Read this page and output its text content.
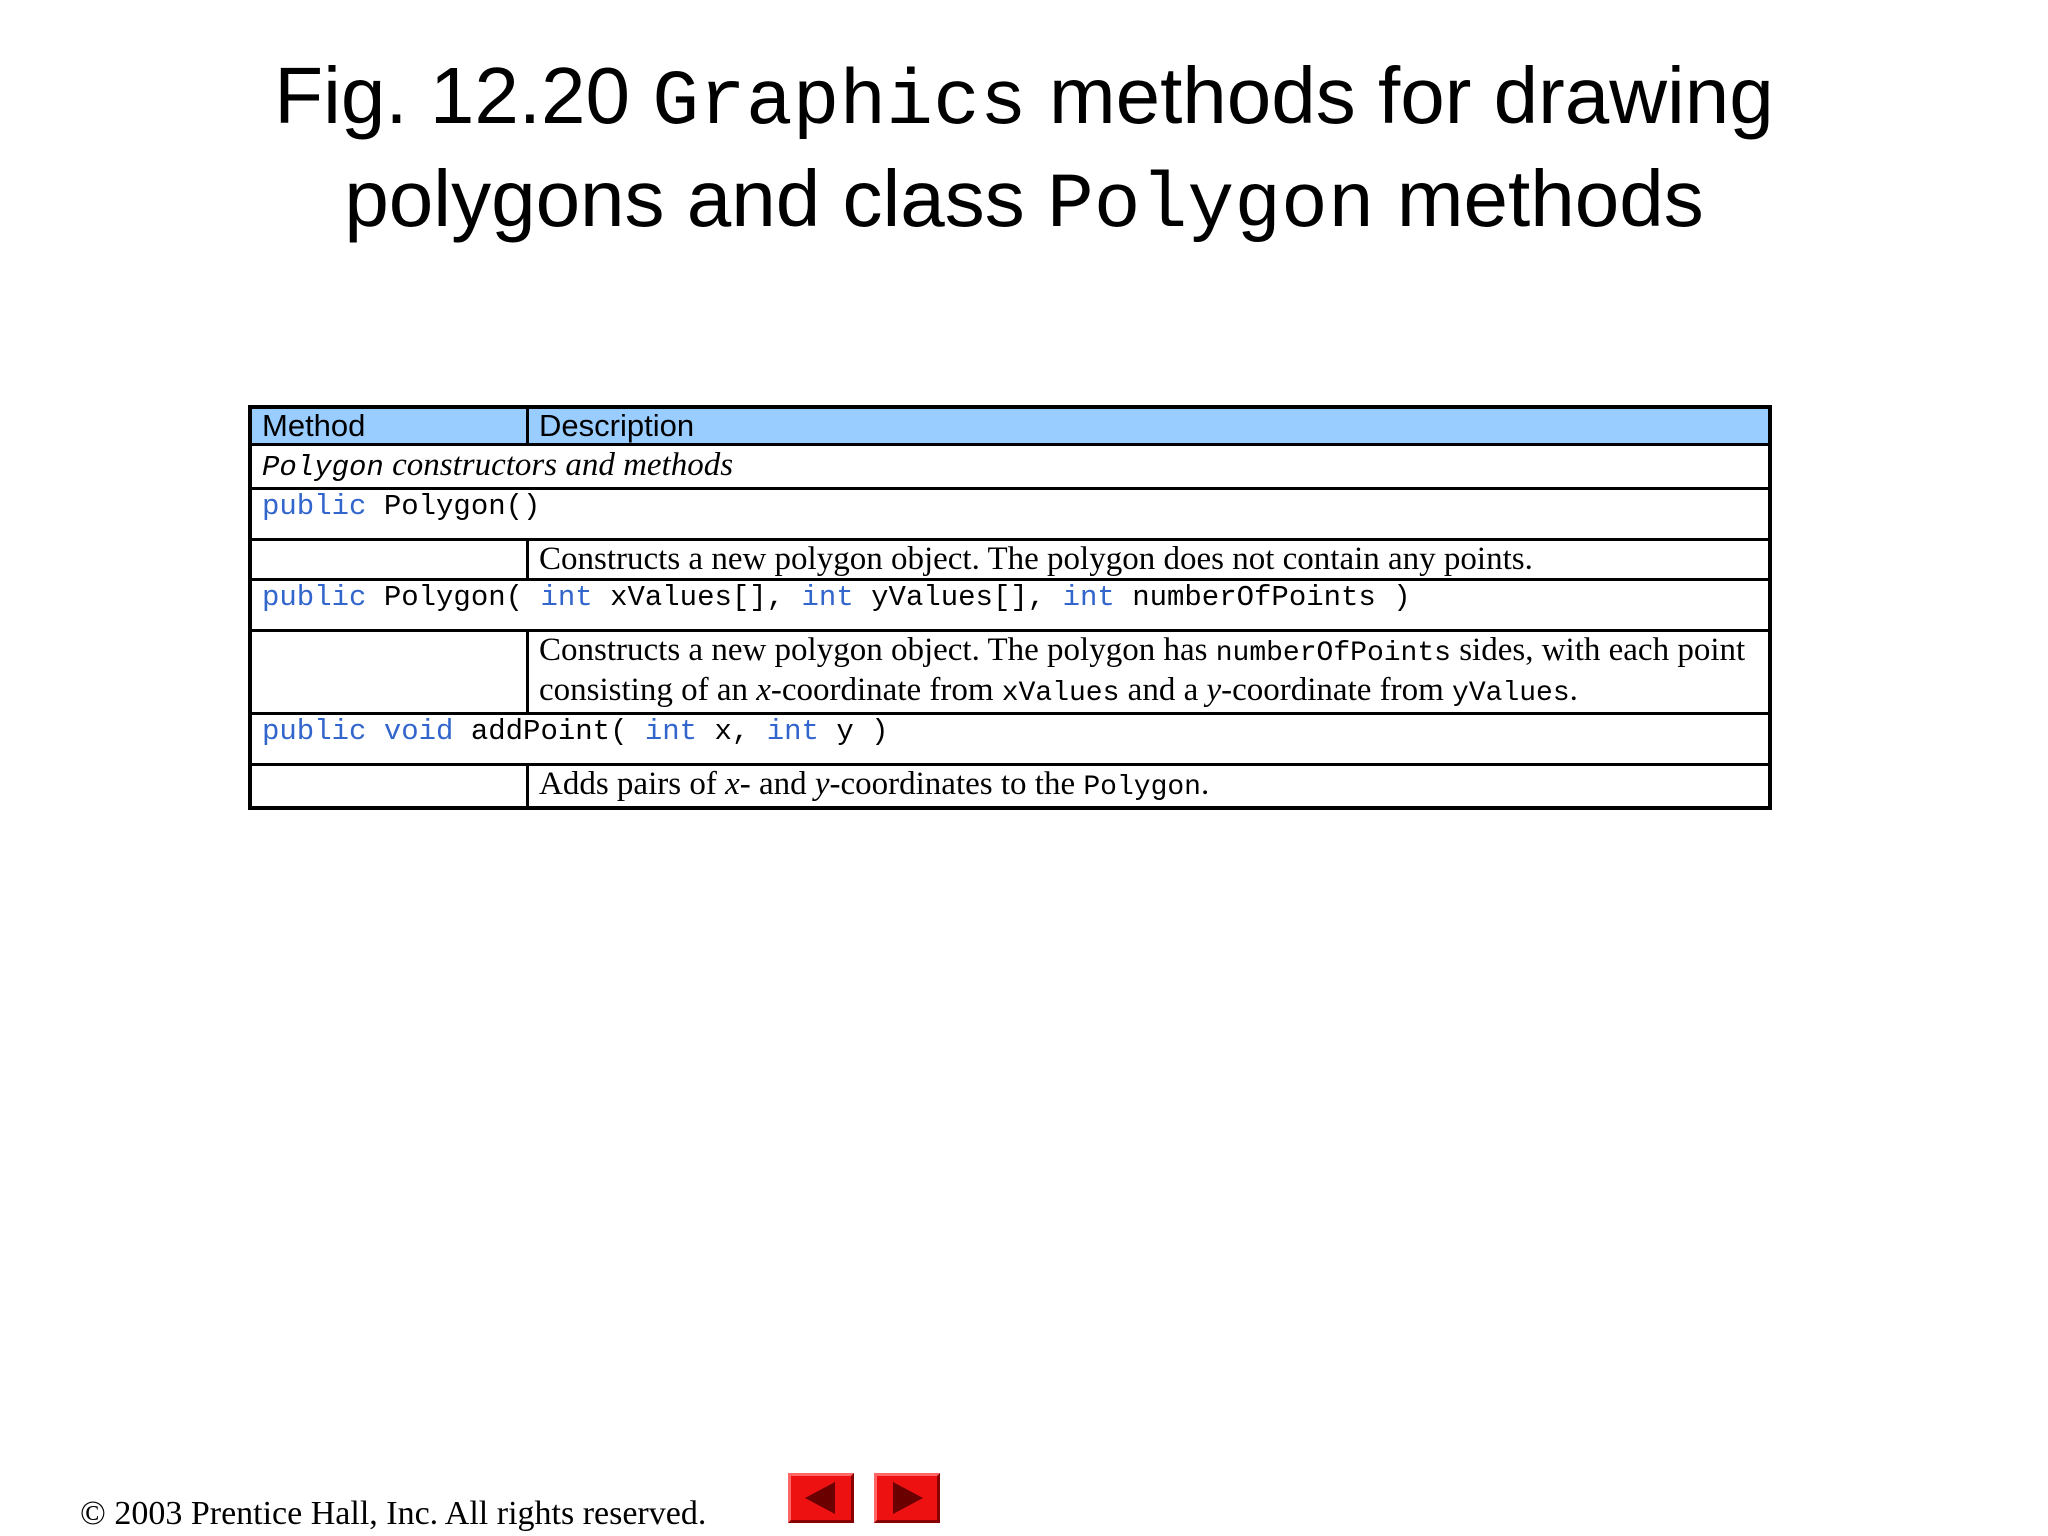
Fig. 12.20 Graphics methods for drawing
polygons and class Polygon methods
Method	Description
Polygon constructors and methods	
public Polygon()	
	Constructs a new polygon object. The polygon does not contain any points.
public Polygon( int xValues[], int yValues[], int numberOfPoints )	
	Constructs a new polygon object. The polygon has numberOfPoints sides, with each point consisting of an x-coordinate from xValues and a y-coordinate from yValues.
public void addPoint( int x, int y )	
	Adds pairs of x- and y-coordinates to the Polygon.
© 2003 Prentice Hall, Inc. All rights reserved.
